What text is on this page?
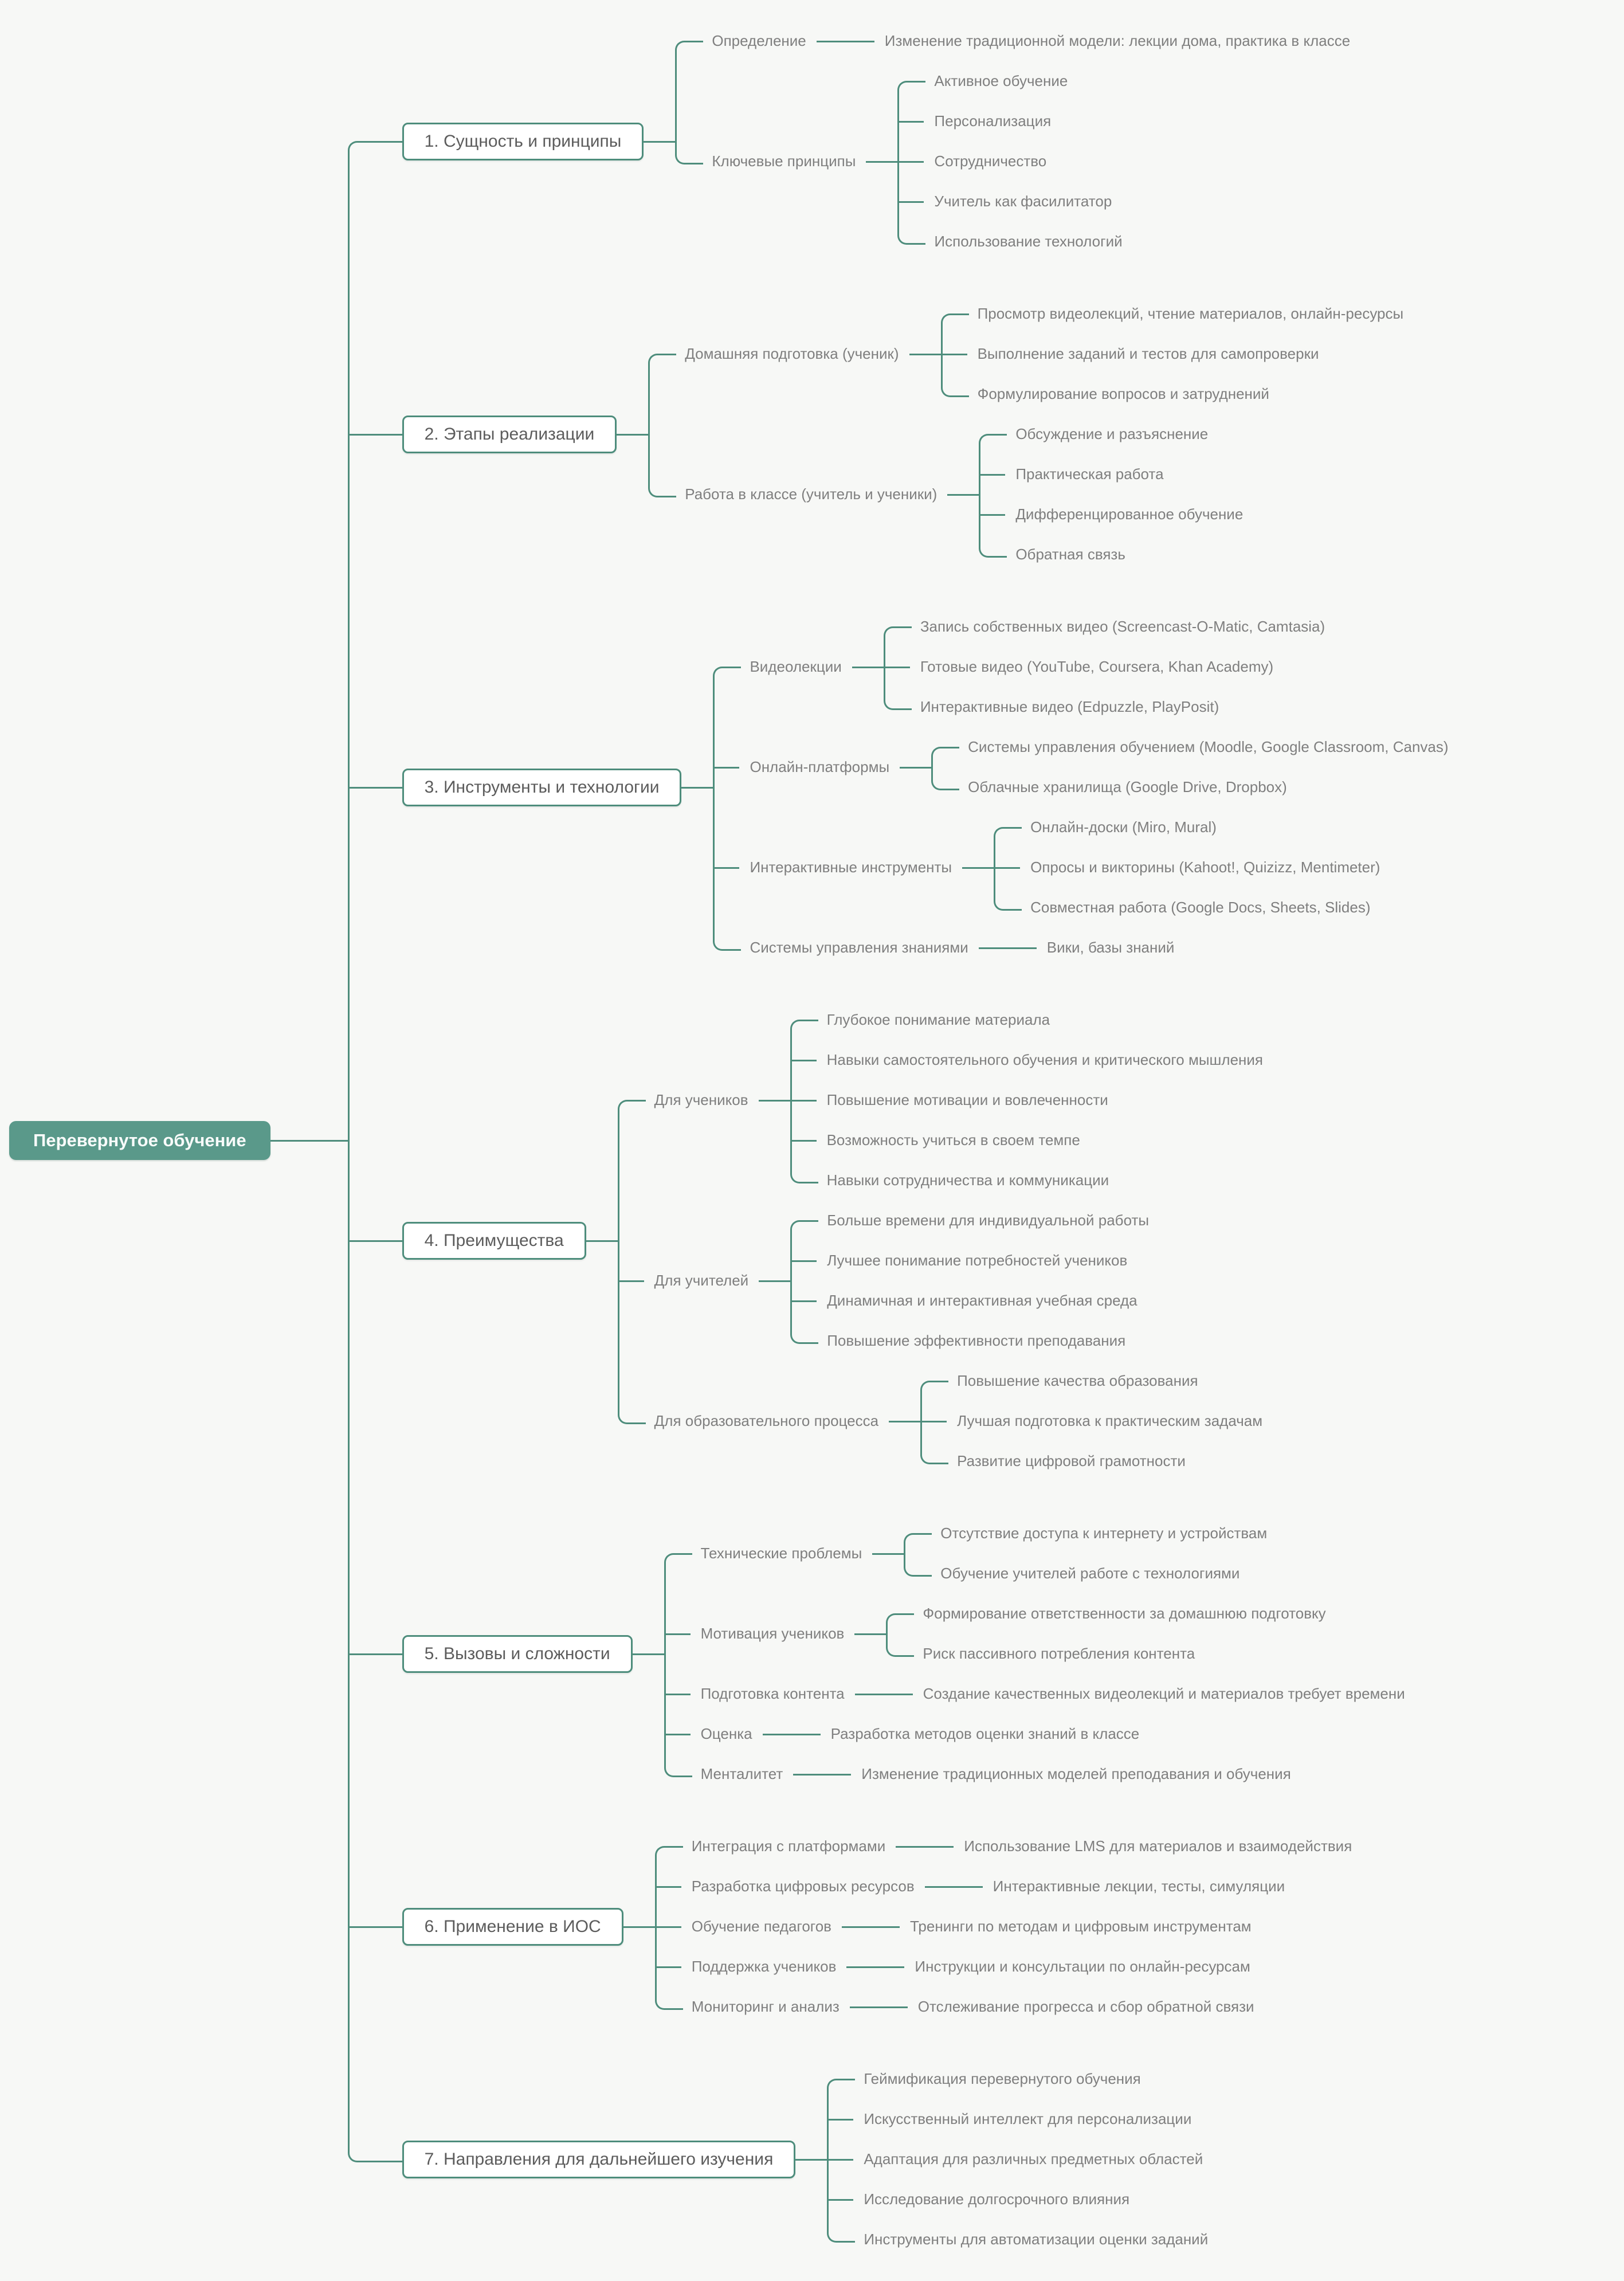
Перевернутое обучение
1. Сущность и принципы
Определение	Изменение традиционной модели: лекции дома, практика в классе
Ключевые принципы
Активное обучение
Персонализация
Сотрудничество
Учитель как фасилитатор
Использование технологий
2. Этапы реализации
Домашняя подготовка (ученик)
Просмотр видеолекций, чтение материалов, онлайн-ресурсы
Выполнение заданий и тестов для самопроверки
Формулирование вопросов и затруднений
Работа в классе (учитель и ученики)
Обсуждение и разъяснение
Практическая работа
Дифференцированное обучение
Обратная связь
3. Инструменты и технологии
Видеолекции
Запись собственных видео (Screencast-O-Matic, Camtasia)
Готовые видео (YouTube, Coursera, Khan Academy)
Интерактивные видео (Edpuzzle, PlayPosit)
Онлайн-платформы
Системы управления обучением (Moodle, Google Classroom, Canvas)
Облачные хранилища (Google Drive, Dropbox)
Интерактивные инструменты
Онлайн-доски (Miro, Mural)
Опросы и викторины (Kahoot!, Quizizz, Mentimeter)
Совместная работа (Google Docs, Sheets, Slides)
Системы управления знаниями	Вики, базы знаний
4. Преимущества
Для учеников
Глубокое понимание материала
Навыки самостоятельного обучения и критического мышления
Повышение мотивации и вовлеченности
Возможность учиться в своем темпе
Навыки сотрудничества и коммуникации
Для учителей
Больше времени для индивидуальной работы
Лучшее понимание потребностей учеников
Динамичная и интерактивная учебная среда
Повышение эффективности преподавания
Для образовательного процесса
Повышение качества образования
Лучшая подготовка к практическим задачам
Развитие цифровой грамотности
5. Вызовы и сложности
Технические проблемы
Отсутствие доступа к интернету и устройствам
Обучение учителей работе с технологиями
Мотивация учеников
Формирование ответственности за домашнюю подготовку
Риск пассивного потребления контента
Подготовка контента	Создание качественных видеолекций и материалов требует времени
Оценка	Разработка методов оценки знаний в классе
Менталитет	Изменение традиционных моделей преподавания и обучения
6. Применение в ИОС
Интеграция с платформами	Использование LMS для материалов и взаимодействия
Разработка цифровых ресурсов	Интерактивные лекции, тесты, симуляции
Обучение педагогов	Тренинги по методам и цифровым инструментам
Поддержка учеников	Инструкции и консультации по онлайн-ресурсам
Мониторинг и анализ	Отслеживание прогресса и сбор обратной связи
7. Направления для дальнейшего изучения
Геймификация перевернутого обучения
Искусственный интеллект для персонализации
Адаптация для различных предметных областей
Исследование долгосрочного влияния
Инструменты для автоматизации оценки заданий
